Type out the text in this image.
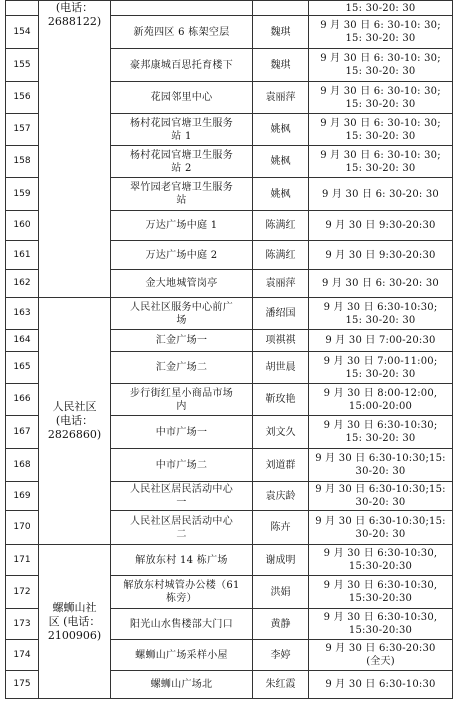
	(电话：
2688122)			15: 30-20: 30
154		新苑四区 6 栋架空层	魏琪	9 月 30 日 6: 30-10: 30;
15: 30-20: 30
155		豪邦康城百思托育楼下	魏琪	9 月 30 日 6: 30-10: 30;
15: 30-20: 30
156		花园邻里中心	袁丽萍	9 月 30 日 6: 30-10: 30;
15: 30-20: 30
157		杨村花园官塘卫生服务
站 1	姚枫	9 月 30 日 6: 30-10: 30;
15: 30-20: 30
158		杨村花园官塘卫生服务
站 2	姚枫	9 月 30 日 6: 30-10: 30;
15: 30-20: 30
159		翠竹园老官塘卫生服务
站	姚枫	9 月 30 日 6: 30-20: 30
160		万达广场中庭 1	陈满红	9 月 30 日 9:30-20:30
161		万达广场中庭 2	陈满红	9 月 30 日 9:30-20:30
162		金大地城管岗亭	袁丽萍	9 月 30 日 6: 30-20: 30
163	人民社区
(电话：
2826860)	人民社区服务中心前广
场	潘绍国	9 月 30 日 6:30-10:30;
15: 30-20: 30
164		汇金广场一	项祺祺	9 月 30 日 7:00-20:30
165		汇金广场二	胡世晨	9 月 30 日 7:00-11:00;
15: 30-20: 30
166		步行街红星小商品市场
内	靳玫艳	9 月 30 日 8:00-12:00,
15:00-20:00
167		中市广场一	刘文久	9 月 30 日 6:30-10:30;
15: 30-20: 30
168		中市广场二	刘道群	9 月 30 日 6:30-10:30;15:
30-20: 30
169		人民社区居民活动中心
一	袁庆龄	9 月 30 日 6:30-10:30;15:
30-20: 30
170		人民社区居民活动中心
二	陈卉	9 月 30 日 6:30-10:30;15:
30-20: 30
171	螺蛳山社
区 (电话：
2100906)	解放东村 14 栋广场	谢成明	9 月 30 日 6:30-10:30,
15:30-20:30
172		解放东村城管办公楼（61
栋旁）	洪娟	9 月 30 日 6:30-10:30,
15:30-20:30
173		阳光山水售楼部大门口	黄静	9 月 30 日 6:30-10:30,
15:30-20:30
174		螺蛳山广场采样小屋	李婷	9 月 30 日 6:30-20:30
(全天)
175		螺蛳山广场北	朱红霞	9 月 30 日 6:30-10:30
